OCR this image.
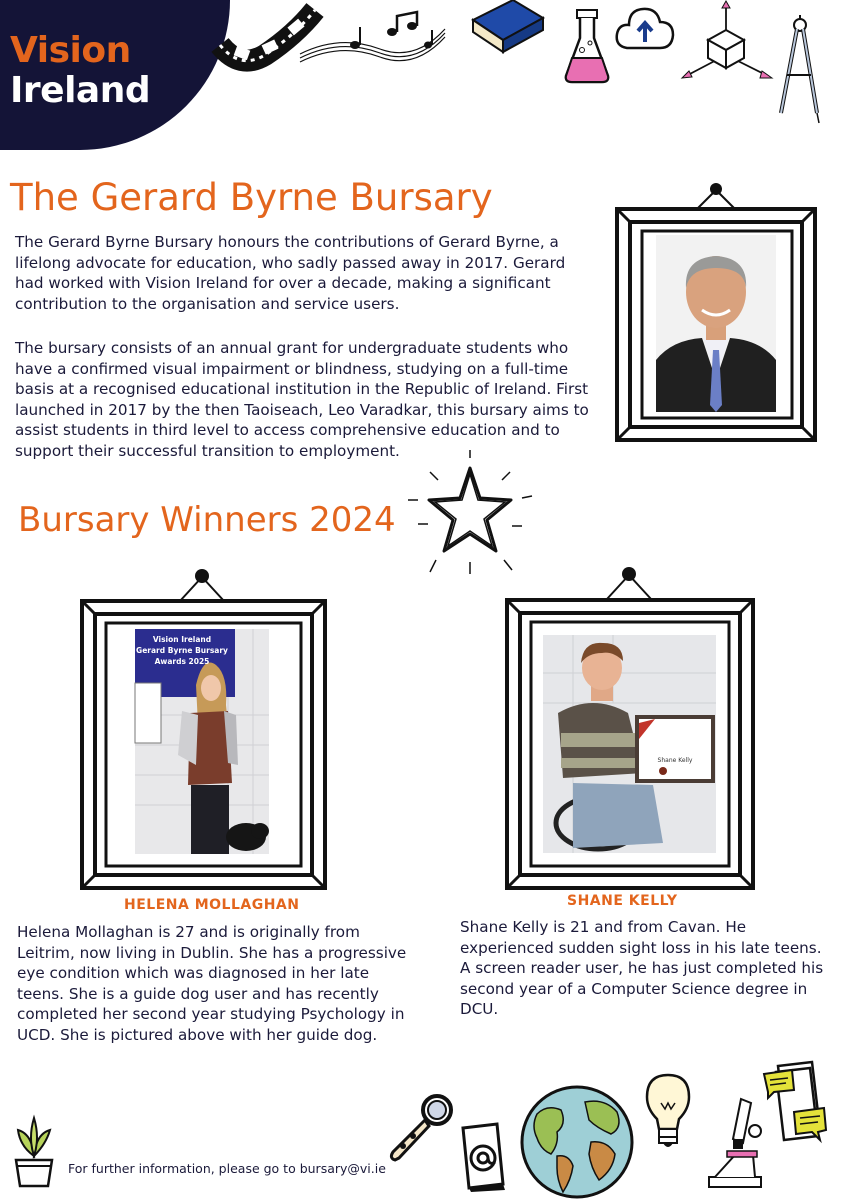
Vision
Ireland
The Gerard Byrne Bursary
The Gerard Byrne Bursary honours the contributions of Gerard Byrne, a lifelong advocate for education, who sadly passed away in 2017. Gerard had worked with Vision Ireland for over a decade, making a significant contribution to the organisation and service users.
The bursary consists of an annual grant for undergraduate students who have a confirmed visual impairment or blindness, studying on a full-time basis at a recognised educational institution in the Republic of Ireland. First launched in 2017 by the then Taoiseach, Leo Varadkar, this bursary aims to assist students in third level to access comprehensive education and to support their successful transition to employment.
Bursary Winners 2024
Vision Ireland
Gerard Byrne Bursary
Awards 2025
Shane Kelly
HELENA MOLLAGHAN
Helena Mollaghan is 27 and is originally from Leitrim, now living in Dublin. She has a progressive eye condition which was diagnosed in her late teens. She is a guide dog user and has recently completed her second year studying Psychology in UCD. She is pictured above with her guide dog.
SHANE KELLY
Shane Kelly is 21 and from Cavan. He experienced sudden sight loss in his late teens. A screen reader user, he has just completed his second year of a Computer Science degree in DCU.
For further information, please go to bursary@vi.ie
